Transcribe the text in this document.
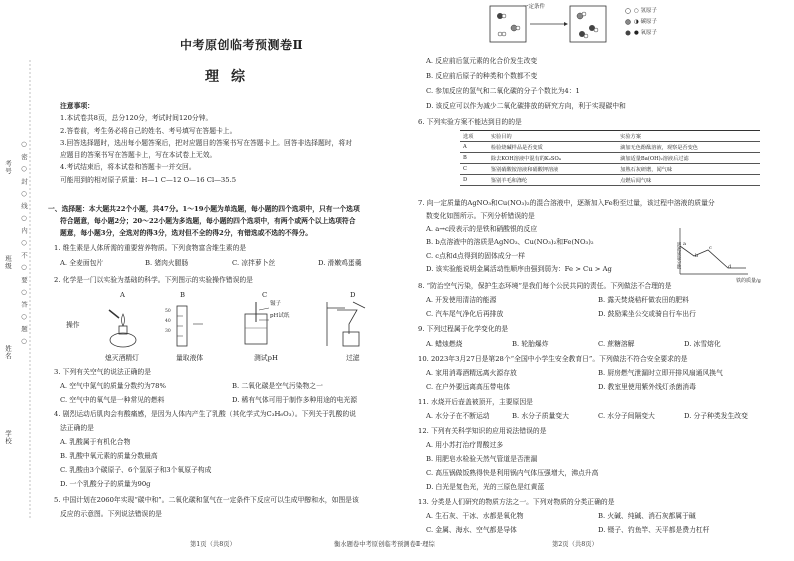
考号
班级
姓名
学校
○ 密 ○ 封 ○ 线 ○ 内 ○ 不 ○ 要 ○ 答 ○ 题 ○
中考原创临考预测卷Ⅱ
理综
注意事项：
1.本试卷共8页，总分120分，考试时间120分钟。
2.答卷前，考生务必将自己的姓名、考号填写在答题卡上。
3.回答选择题时，选出每小题答案后，把对应题目的答案书写在答题卡上。回答非选择题时，将对
应题目的答案书写在答题卡上，写在本试卷上无效。
4.考试结束后，将本试卷和答题卡一并交回。
可能用到的相对原子质量：H—1 C—12 O—16 Cl—35.5
一、选择题：本大题共22个小题，共47分。1～19小题为单选题，每小题的四个选项中，只有一个选项
符合题意，每小题2分；20～22小题为多选题，每小题的四个选项中，有两个或两个以上选项符合
题意，每小题3分，全选对的得3分，选对但不全的得2分，有错选或不选的不得分。
1. 维生素是人体所需的重要营养物质。下列食物富含维生素的是
A. 全麦面包片	B. 猪肉火腿肠	C. 凉拌萝卜丝	D. 滑嫩鸡蛋羹
2. 化学是一门以实验为基础的科学。下列图示的实验操作错误的是
A	B	C	D
操作
50
40
30
镊子
pH试纸
熄灭酒精灯	量取液体	测试pH	过滤
3. 下列有关空气的说法正确的是
A. 空气中氮气的质量分数约为78%	B. 二氧化碳是空气污染物之一
C. 空气中的氧气是一种常见的燃料	D. 稀有气体可用于制作多种用途的电光源
4. 剧烈运动后肌肉会有酸痛感，是因为人体内产生了乳酸（其化学式为C₃H₆O₃）。下列关于乳酸的说
法正确的是
A. 乳酸属于有机化合物
B. 乳酸中氧元素的质量分数最高
C. 乳酸由3个碳原子、6个氢原子和3个氧原子构成
D. 一个乳酸分子的质量为90g
5. 中国计划在2060年实现“碳中和”。二氧化碳和氢气在一定条件下反应可以生成甲醇和水，如图是该
反应的示意图。下列说法错误的是
第1页（共8页）
一定条件
○ 氢原子
◑ 碳原子
● 氧原子
A. 反应前后氢元素的化合价发生改变
B. 反应前后原子的种类和个数都不变
C. 参加反应的氢气和二氧化碳的分子个数比为4：1
D. 该反应可以作为减少二氧化碳排放的研究方向，利于实现碳中和
6. 下列实验方案不能达到目的的是
选项	实验目的	实验方案
A	检验烧碱样品是否变质	滴加无色酚酞溶液，观察是否变色
B	除去KOH溶液中混有的K₂SO₄	滴加适量Ba(OH)₂溶液后过滤
C	鉴别硝酸铵溶液和硝酸钾溶液	加熟石灰研磨，闻气味
D	鉴别羊毛和涤纶	点燃后闻气味
7. 向一定质量的AgNO₃和Cu(NO₃)₂的混合溶液中，逐渐加入Fe粉至过量，该过程中溶液的质量分
数变化如图所示。下列分析错误的是
A. a→c段表示的是铁和硝酸银的反应
B. b点溶液中的溶质是AgNO₃、Cu(NO₃)₂和Fe(NO₃)₂
C. c点和d点得到的固体成分一样
D. 该实验能说明金属活动性顺序由强到弱为：Fe > Cu > Ag	溶液质量分数
铁的质量/g
a
b
c
d
8. “防治空气污染，保护生态环境”是我们每个公民共同的责任。下列做法不合理的是
A. 开发使用清洁的能源	B. 露天焚烧秸秆做农田的肥料
C. 汽车尾气净化后再排放	D. 鼓励乘坐公交或骑自行车出行
9. 下列过程属于化学变化的是
A. 蜡烛燃烧	B. 轮胎爆炸	C. 蔗糖溶解	D. 冰雪熔化
10. 2023年3月27日是第28个“全国中小学生安全教育日”。下列做法不符合安全要求的是
A. 家用消毒酒精远离火源存放	B. 厨房燃气泄漏时立即开排风扇通风换气
C. 在户外要远离高压带电体	D. 教室里使用紫外线灯杀菌消毒
11. 水烧开后壶盖被顶开，主要原因是
A. 水分子在不断运动	B. 水分子质量变大	C. 水分子间隔变大	D. 分子种类发生改变
12. 下列有关科学知识的应用说法错误的是
A. 用小苏打治疗胃酸过多
B. 用肥皂水检验天然气管道是否泄漏
C. 高压锅做饭熟得快是利用锅内气体压强增大，沸点升高
D. 白光是复色光，光的三原色是红黄蓝
13. 分类是人们研究的物质方法之一。下列对物质的分类正确的是
A. 生石灰、干冰、水都是氧化物	B. 火碱、纯碱、消石灰都属于碱
C. 金属、海水、空气都是导体	D. 镊子、钓鱼竿、天平都是费力杠杆
衡水题卷中考原创临考预测卷Ⅱ·理综	第2页（共8页）
